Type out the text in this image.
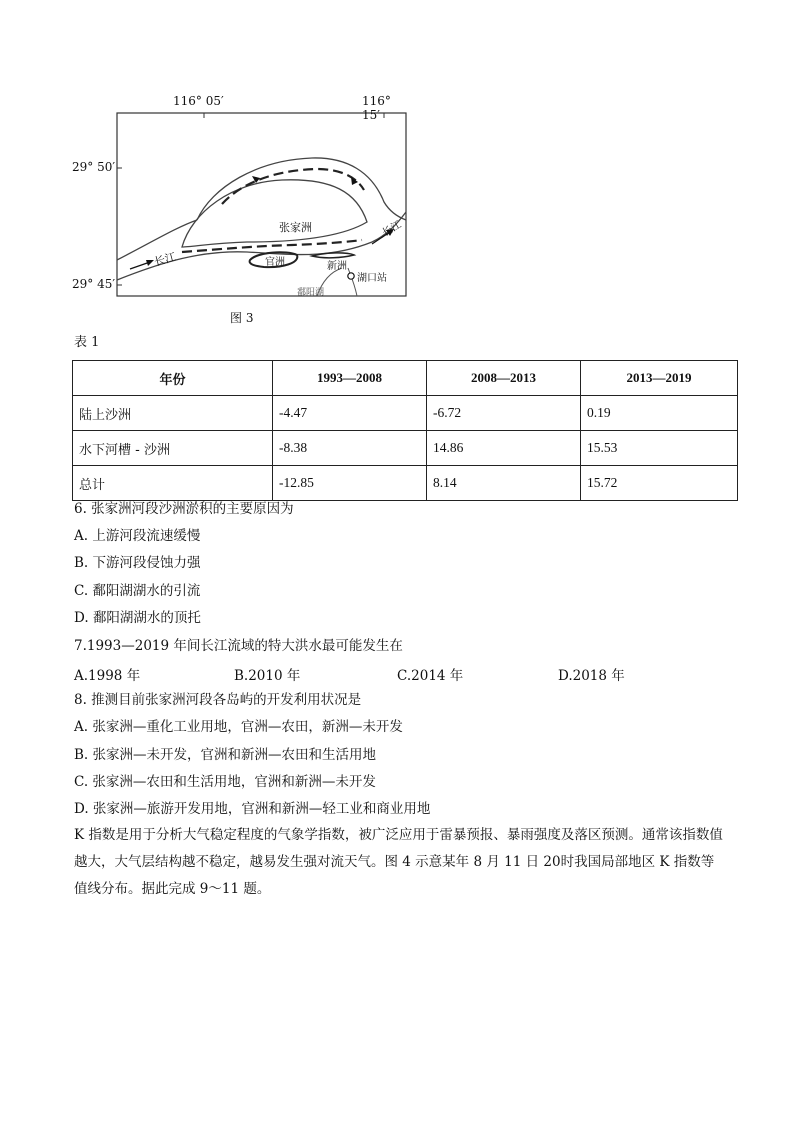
116° 05′	116° 15′
29° 50′
29° 45′
张家洲
长江
长江
官洲	新洲
湖口站
鄱阳湖
图 3
表 1
年份	1993—2008	2008—2013	2013—2019
陆上沙洲	-4.47	-6.72	0.19
水下河槽 - 沙洲	-8.38	14.86	15.53
总计	-12.85	8.14	15.72
6. 张家洲河段沙洲淤积的主要原因为
A. 上游河段流速缓慢
B. 下游河段侵蚀力强
C. 鄱阳湖湖水的引流
D. 鄱阳湖湖水的顶托
7.1993—2019 年间长江流域的特大洪水最可能发生在
A.1998 年	B.2010 年	C.2014 年	D.2018 年
8. 推测目前张家洲河段各岛屿的开发利用状况是
A. 张家洲—重化工业用地，官洲—农田，新洲—未开发
B. 张家洲—未开发，官洲和新洲—农田和生活用地
C. 张家洲—农田和生活用地，官洲和新洲—未开发
D. 张家洲—旅游开发用地，官洲和新洲—轻工业和商业用地
K 指数是用于分析大气稳定程度的气象学指数，被广泛应用于雷暴预报、暴雨强度及落区预测。通常该指数值越大，大气层结构越不稳定，越易发生强对流天气。图 4 示意某年 8 月 11 日 20时我国局部地区 K 指数等值线分布。据此完成 9～11 题。
